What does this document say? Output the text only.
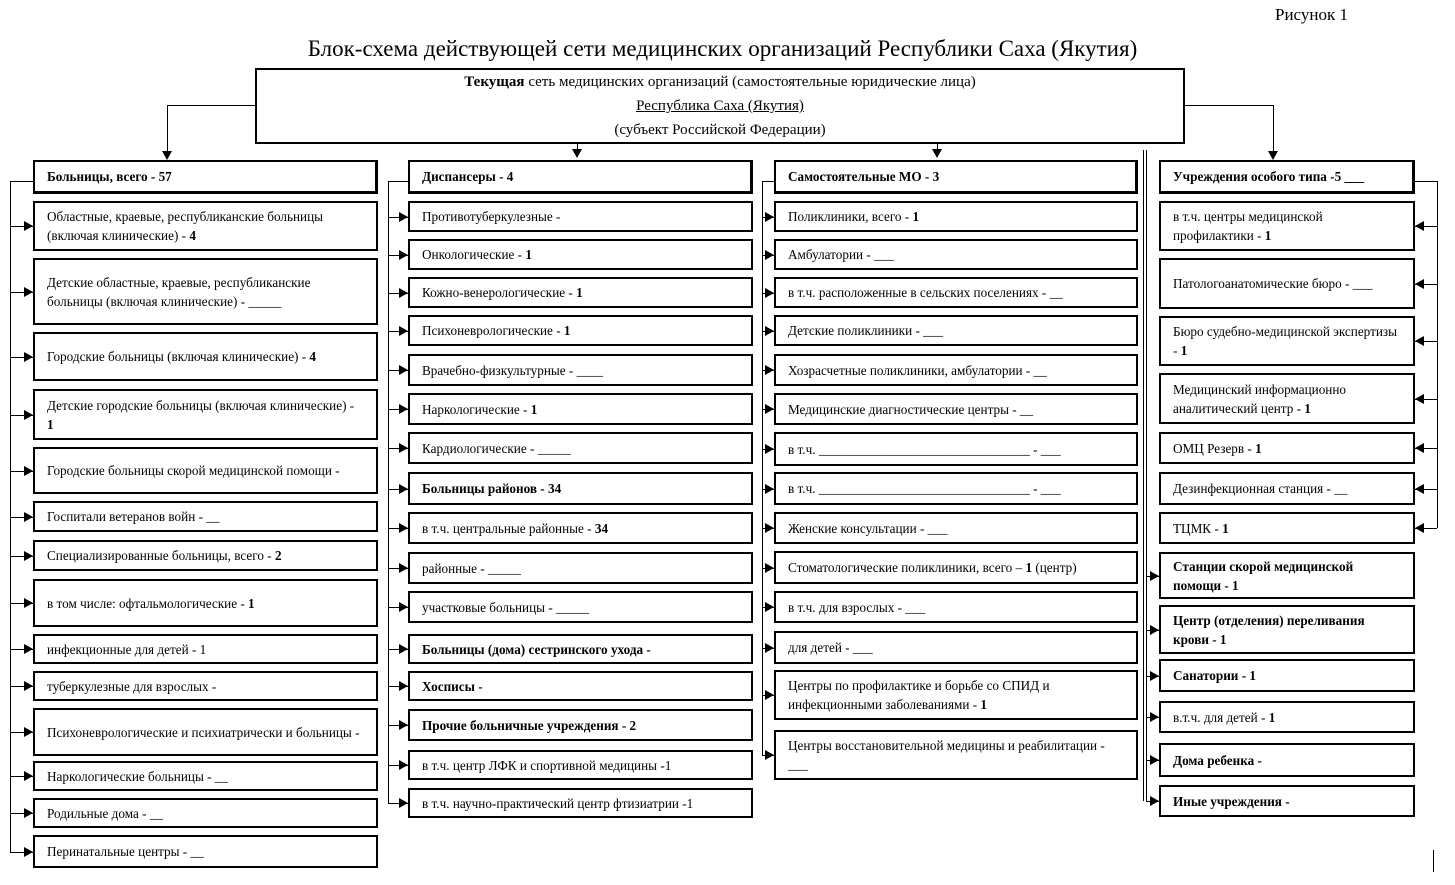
Рисунок 1
Блок-схема действующей сети медицинских организаций Республики Саха (Якутия)
Текущая сеть медицинских организаций (самостоятельные юридические лица)
Республика Саха (Якутия)
(субъект Российской Федерации)
Больницы, всего - 57
Областные, краевые, республиканские больницы (включая клинические) - 4
Детские областные, краевые, республиканские больницы (включая клинические) - _____
Городские больницы (включая клинические) - 4
Детские городские больницы (включая клинические) - 1
Городские больницы скорой медицинской помощи -
Госпитали ветеранов войн - __
Специализированные больницы, всего - 2
в том числе: офтальмологические - 1
инфекционные для детей - 1
туберкулезные для взрослых -
Психоневрологические и психиатрически и больницы -
Наркологические больницы - __
Родильные дома - __
Перинатальные центры - __
Диспансеры - 4
Противотуберкулезные -
Онкологические - 1
Кожно-венерологические - 1
Психоневрологические - 1
Врачебно-физкультурные - ____
Наркологические - 1
Кардиологические - _____
Больницы районов - 34
в т.ч. центральные районные - 34
районные - _____
участковые больницы - _____
Больницы (дома) сестринского ухода -
Хосписы -
Прочие больничные учреждения - 2
в т.ч. центр ЛФК и спортивной медицины -1
в т.ч. научно-практический центр фтизиатрии -1
Самостоятельные МО - 3
Поликлиники, всего - 1
Амбулатории - ___
в т.ч. расположенные в сельских поселениях - __
Детские поликлиники - ___
Хозрасчетные поликлиники, амбулатории - __
Медицинские диагностические центры - __
в т.ч. ________________________________ - ___
в т.ч. ________________________________ - ___
Женские консультации - ___
Стоматологические поликлиники, всего – 1 (центр)
в т.ч. для взрослых - ___
для детей - ___
Центры по профилактике и борьбе со СПИД и инфекционными заболеваниями - 1
Центры восстановительной медицины и реабилитации - ___
Учреждения особого типа -5 ___
в т.ч. центры медицинской профилактики - 1
Патологоанатомические бюро - ___
Бюро судебно-медицинской экспертизы - 1
Медицинский информационно аналитический центр - 1
ОМЦ Резерв - 1
Дезинфекционная станция - __
ТЦМК - 1
Станции скорой медицинской помощи - 1
Центр (отделения) переливания крови - 1
Санатории - 1
в.т.ч. для детей - 1
Дома ребенка -
Иные учреждения -
